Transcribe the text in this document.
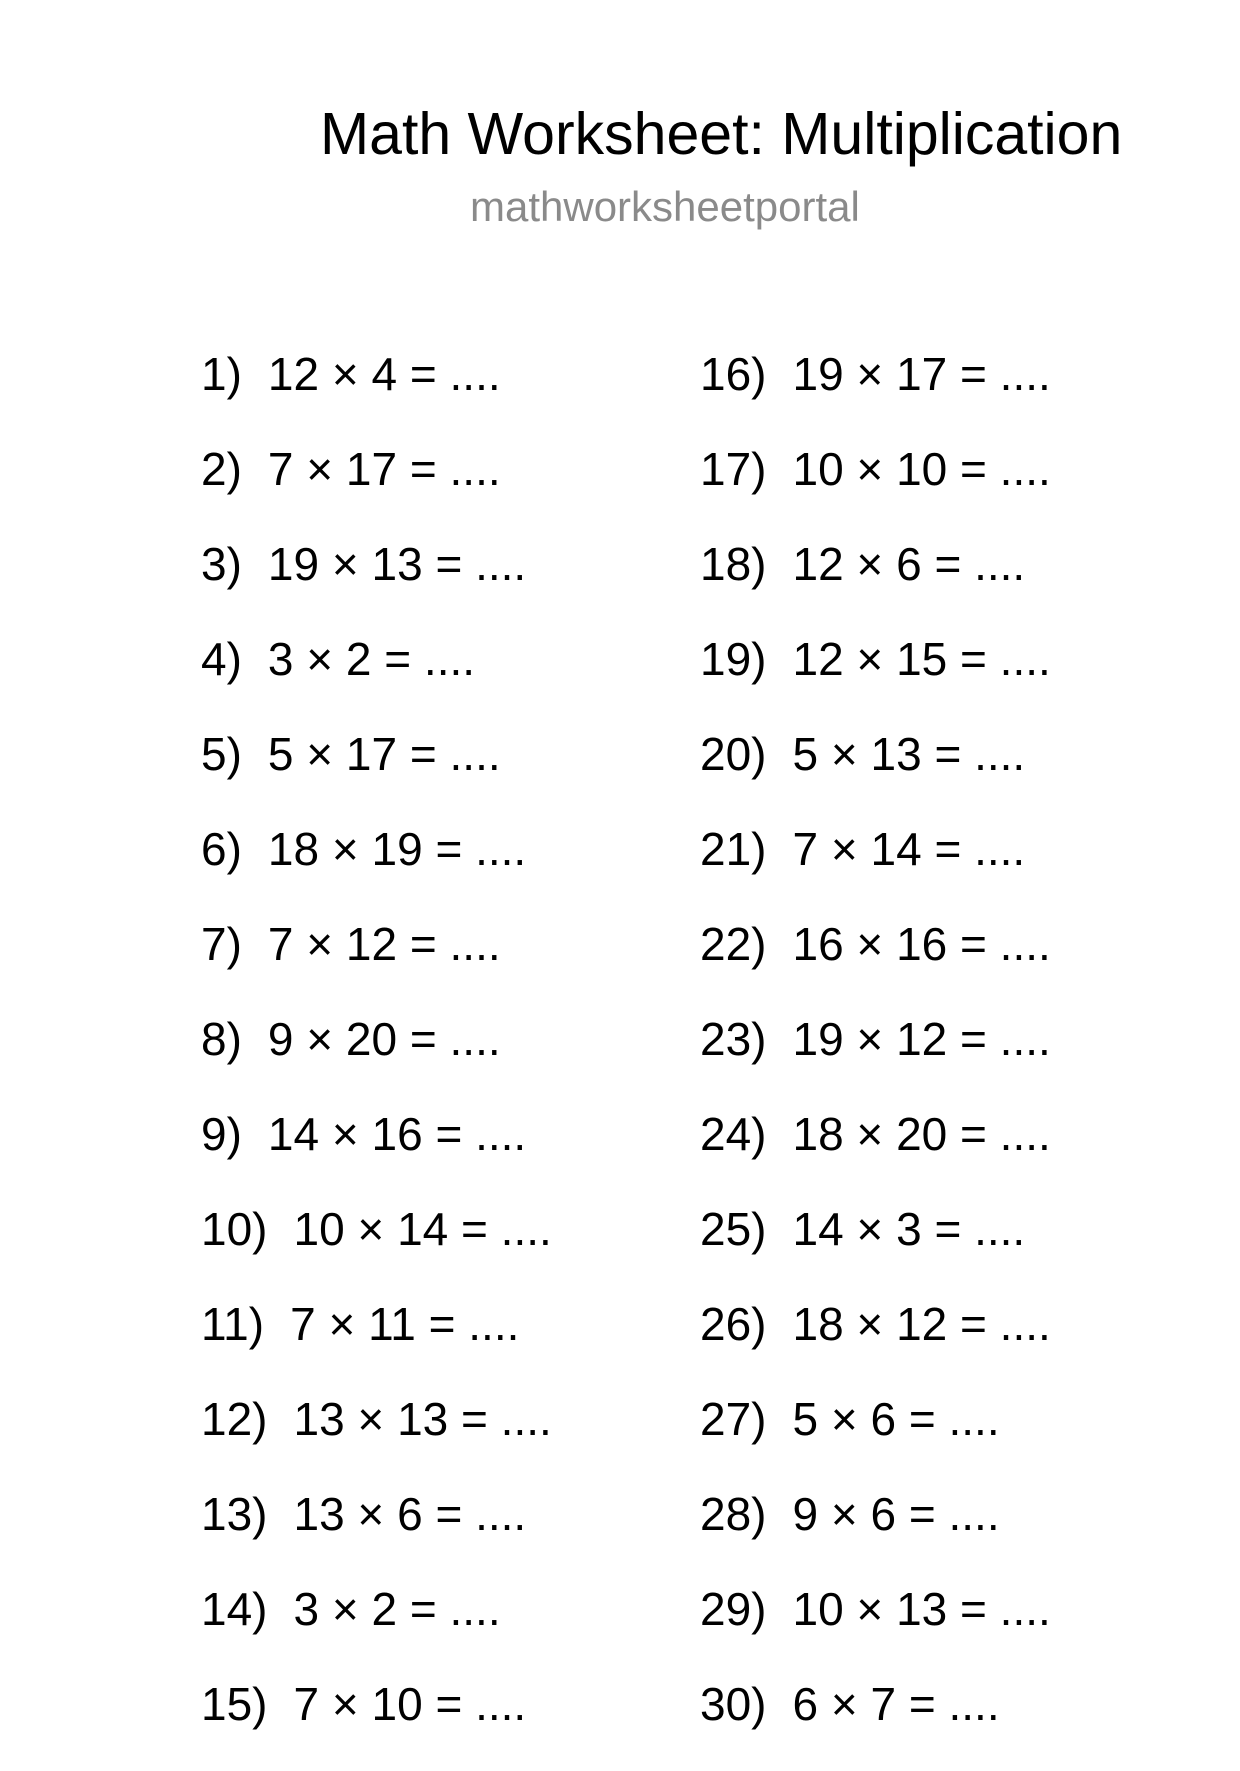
Math Worksheet: Multiplication
mathworksheetportal
1) 12 × 4 = ....
2) 7 × 17 = ....
3) 19 × 13 = ....
4) 3 × 2 = ....
5) 5 × 17 = ....
6) 18 × 19 = ....
7) 7 × 12 = ....
8) 9 × 20 = ....
9) 14 × 16 = ....
10) 10 × 14 = ....
11) 7 × 11 = ....
12) 13 × 13 = ....
13) 13 × 6 = ....
14) 3 × 2 = ....
15) 7 × 10 = ....
16) 19 × 17 = ....
17) 10 × 10 = ....
18) 12 × 6 = ....
19) 12 × 15 = ....
20) 5 × 13 = ....
21) 7 × 14 = ....
22) 16 × 16 = ....
23) 19 × 12 = ....
24) 18 × 20 = ....
25) 14 × 3 = ....
26) 18 × 12 = ....
27) 5 × 6 = ....
28) 9 × 6 = ....
29) 10 × 13 = ....
30) 6 × 7 = ....
